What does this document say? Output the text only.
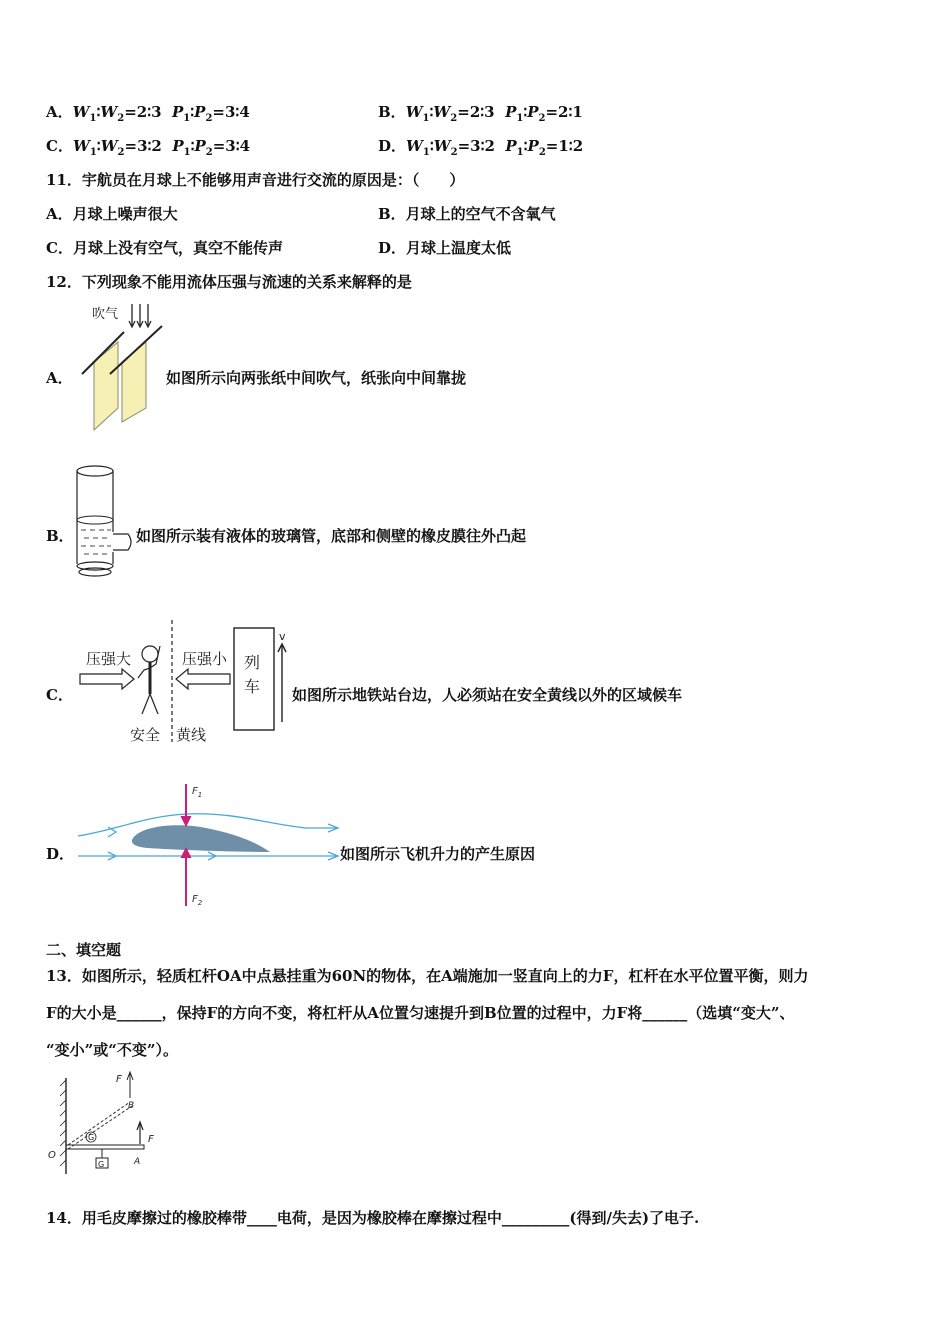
A．$W_1∶W_2=2∶3$ $P_1∶P_2=3∶4$	B．$W_1∶W_2=2∶3$ $P_1∶P_2=2∶1$
C．$W_1∶W_2=3∶2$ $P_1∶P_2=3∶4$	D．$W_1∶W_2=3∶2$ $P_1∶P_2=1∶2$
11．宇航员在月球上不能够用声音进行交流的原因是：（　　）
A．月球上噪声很大	B．月球上的空气不含氧气
C．月球上没有空气，真空不能传声	D．月球上温度太低
12．下列现象不能用流体压强与流速的关系来解释的是
A．
吹气
如图所示向两张纸中间吹气，纸张向中间靠拢
B．	如图所示装有液体的玻璃管，底部和侧壁的橡皮膜往外凸起
C．
压强大	压强小
安全 黄线
列
车
v
如图所示地铁站台边，人必须站在安全黄线以外的区域候车
D．
$F_1$
$F_2$
如图所示飞机升力的产生原因
二、填空题
13．如图所示，轻质杠杆OA中点悬挂重为60N的物体，在A端施加一竖直向上的力F，杠杆在水平位置平衡，则力
F的大小是______，保持F的方向不变，将杠杆从A位置匀速提升到B位置的过程中，力F将______（选填“变大”、
“变小”或“不变”）。
F
B
F
O
A
G
G
14．用毛皮摩擦过的橡胶棒带____电荷，是因为橡胶棒在摩擦过程中_________(得到/失去)了电子.
